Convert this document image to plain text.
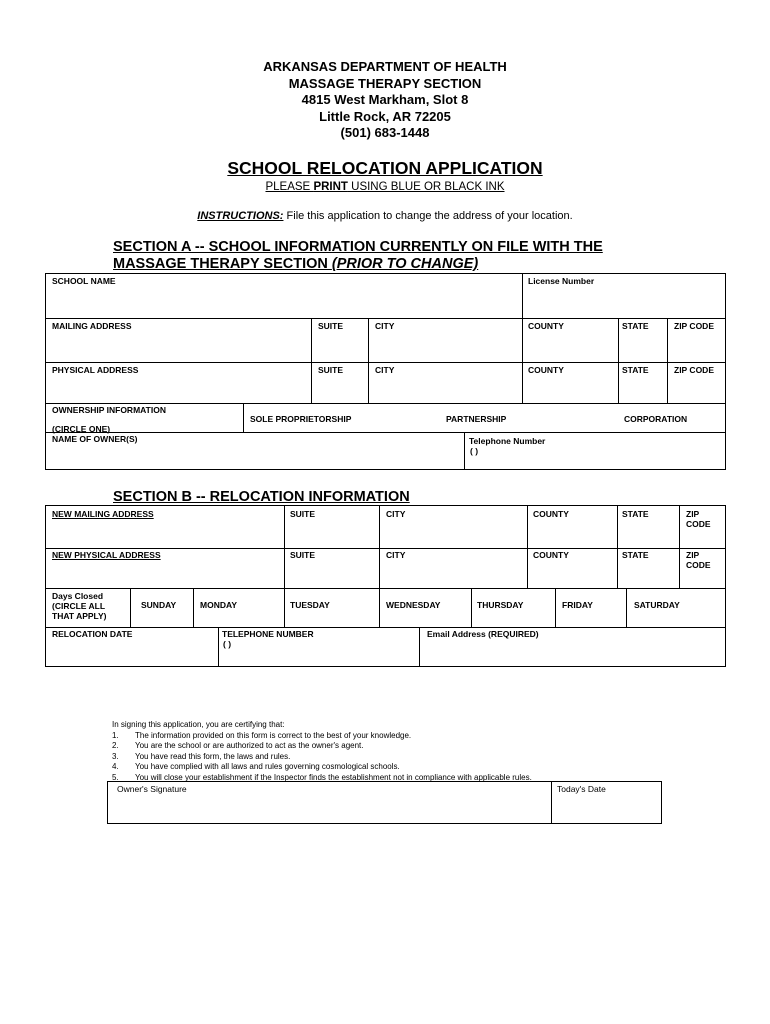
ARKANSAS DEPARTMENT OF HEALTH
MASSAGE THERAPY SECTION
4815 West Markham, Slot 8
Little Rock, AR 72205
(501) 683-1448
SCHOOL RELOCATION APPLICATION
PLEASE PRINT USING BLUE OR BLACK INK
INSTRUCTIONS: File this application to change the address of your location.
SECTION A -- SCHOOL INFORMATION CURRENTLY ON FILE WITH THE
MASSAGE THERAPY SECTION (PRIOR TO CHANGE)
SCHOOL NAME	License Number
MAILING ADDRESS	SUITE	CITY	COUNTY	STATE	ZIP CODE
PHYSICAL ADDRESS	SUITE	CITY	COUNTY	STATE	ZIP CODE
OWNERSHIP INFORMATION
(CIRCLE ONE)
SOLE PROPRIETORSHIP	PARTNERSHIP	CORPORATION
NAME OF OWNER(S)	Telephone Number
( )
SECTION B -- RELOCATION INFORMATION
NEW MAILING ADDRESS	SUITE	CITY	COUNTY	STATE	ZIP
CODE
NEW PHYSICAL ADDRESS	SUITE	CITY	COUNTY	STATE	ZIP
CODE
Days Closed
(CIRCLE ALL
THAT APPLY)
SUNDAY	MONDAY	TUESDAY	WEDNESDAY	THURSDAY	FRIDAY	SATURDAY
RELOCATION DATE	TELEPHONE NUMBER
( )
Email Address (REQUIRED)
In signing this application, you are certifying that:
1.	The information provided on this form is correct to the best of your knowledge.
2.	You are the school or are authorized to act as the owner's agent.
3.	You have read this form, the laws and rules.
4.	You have complied with all laws and rules governing cosmological schools.
5.	You will close your establishment if the Inspector finds the establishment not in compliance with applicable rules.
Owner's Signature	Today's Date
